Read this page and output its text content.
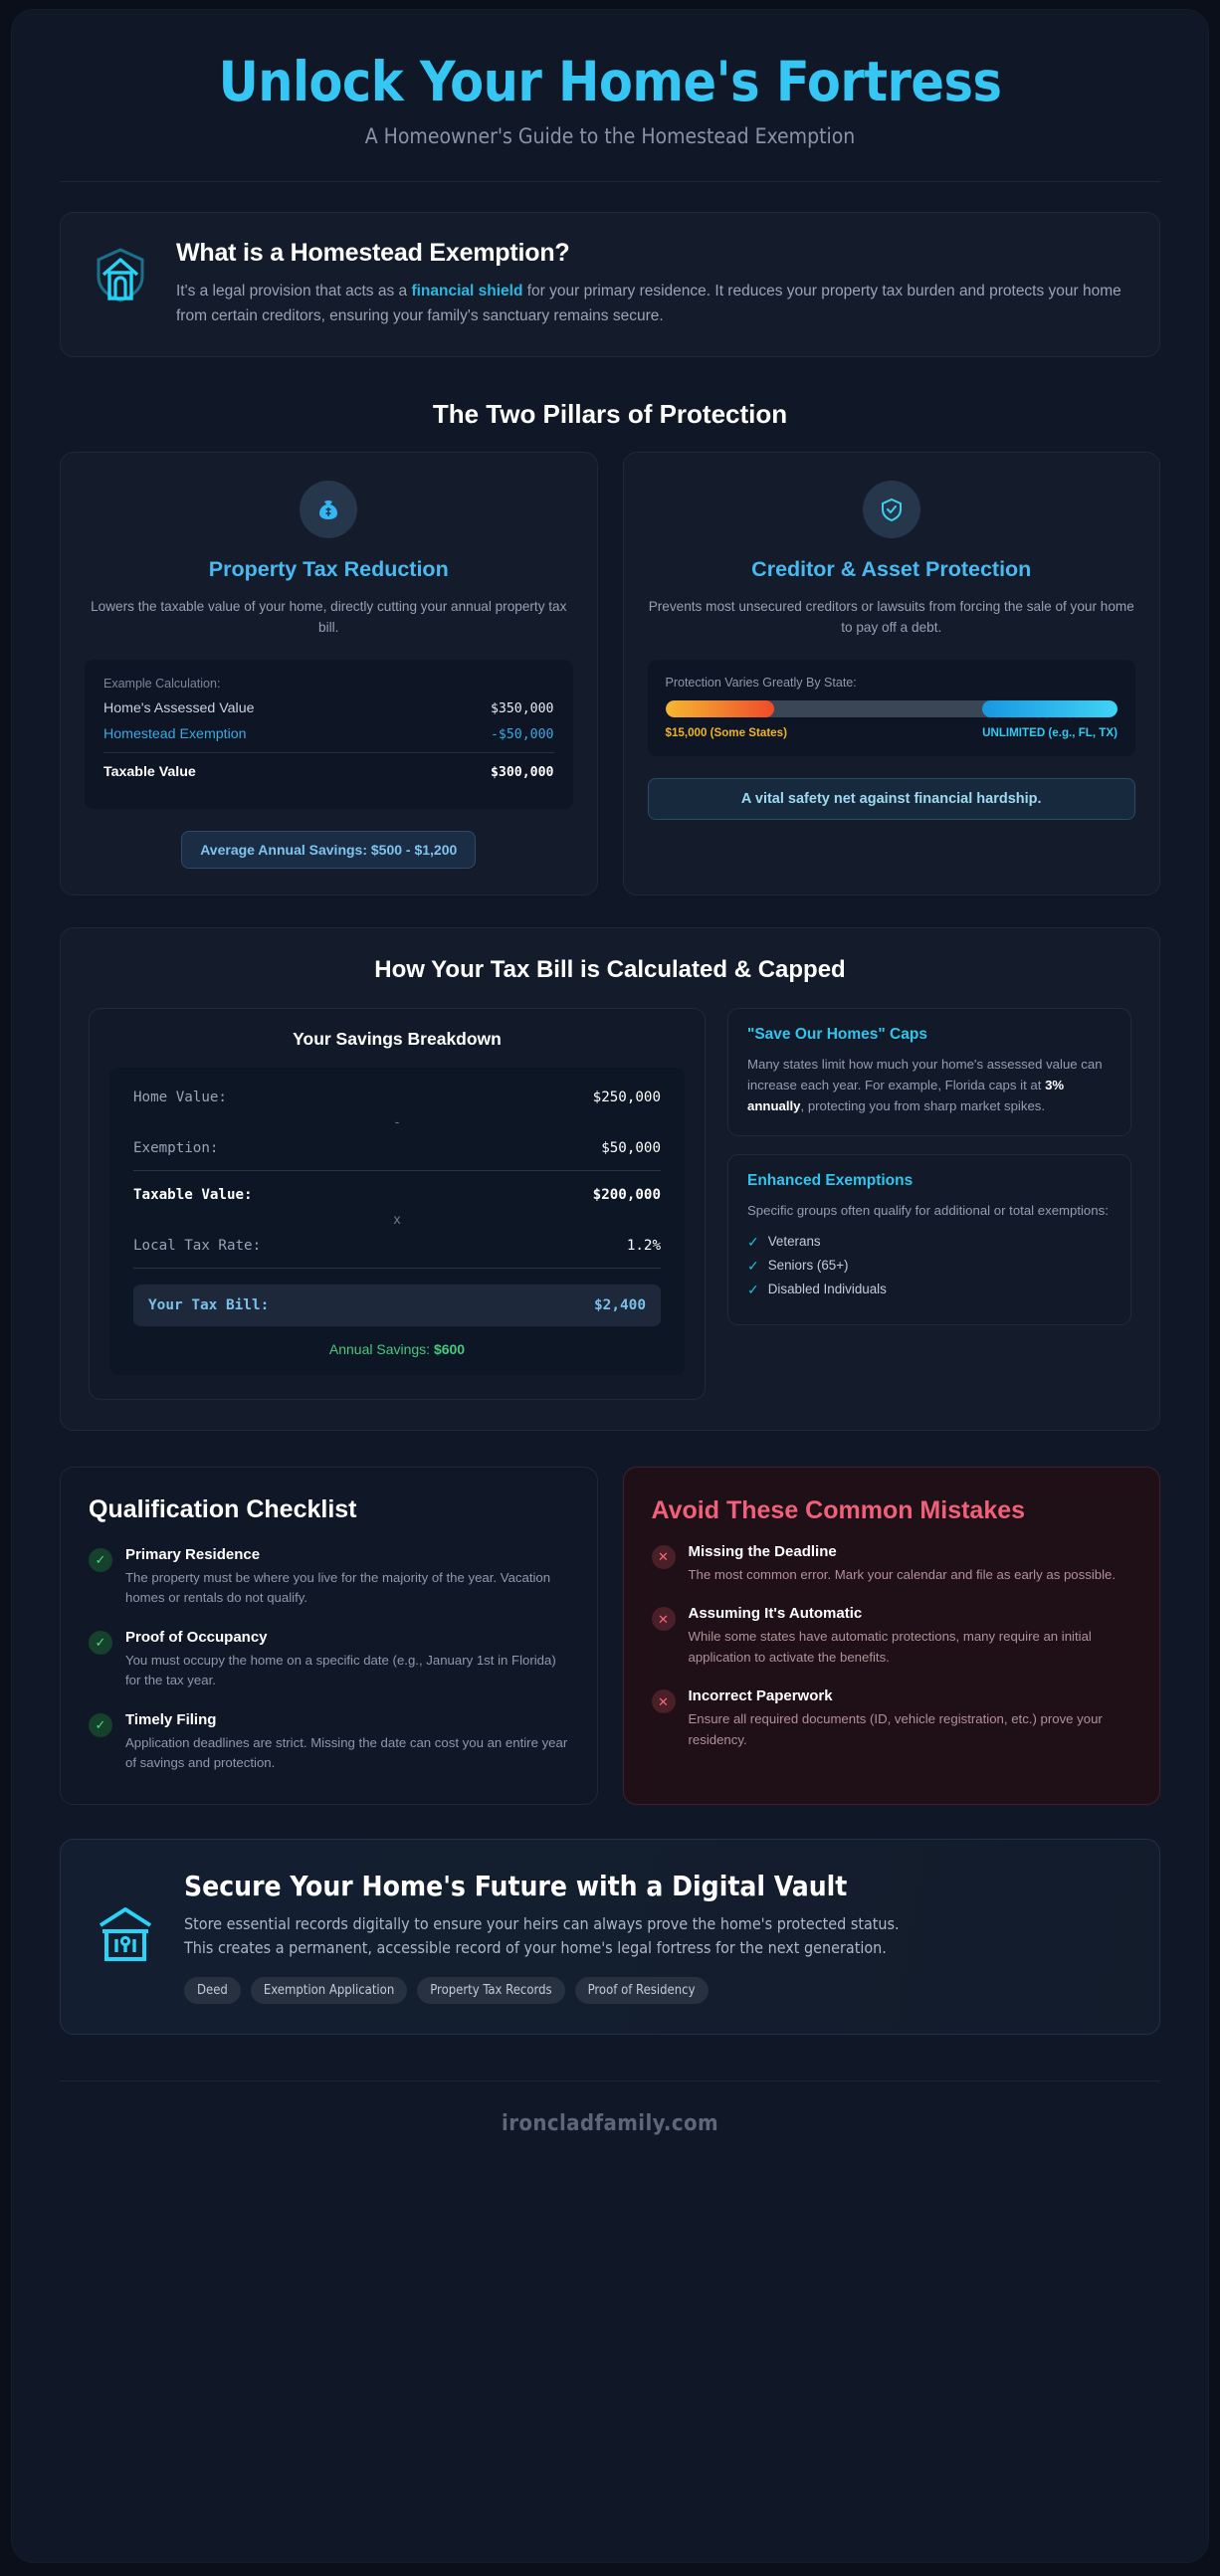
Unlock Your Home's Fortress
A Homeowner's Guide to the Homestead Exemption
What is a Homestead Exemption?

It's a legal provision that acts as a financial shield for your primary residence. It reduces your property tax burden and protects your home from certain creditors, ensuring your family's sanctuary remains secure.

The Two Pillars of Protection
Property Tax Reduction
Lowers the taxable value of your home, directly cutting your annual property tax bill.
Example Calculation:
Home's Assessed Value	$350,000
Homestead Exemption	-$50,000
Taxable Value	$300,000
Average Annual Savings: $500 - $1,200
Creditor & Asset Protection
Prevents most unsecured creditors or lawsuits from forcing the sale of your home to pay off a debt.
Protection Varies Greatly By State:
$15,000 (Some States)	UNLIMITED (e.g., FL, TX)
A vital safety net against financial hardship.
How Your Tax Bill is Calculated & Capped
Your Savings Breakdown
Home Value:	$250,000
-
Exemption:	$50,000
Taxable Value:	$200,000
x
Local Tax Rate:	1.2%
Your Tax Bill:	$2,400
Annual Savings: $600
"Save Our Homes" Caps

Many states limit how much your home's assessed value can increase each year. For example, Florida caps it at 3% annually, protecting you from sharp market spikes.

Enhanced Exemptions

Specific groups often qualify for additional or total exemptions:

✓ Veterans
✓ Seniors (65+)
✓ Disabled Individuals
Qualification Checklist
✓	Primary Residence
The property must be where you live for the majority of the year. Vacation homes or rentals do not qualify.
✓	Proof of Occupancy
You must occupy the home on a specific date (e.g., January 1st in Florida) for the tax year.
✓	Timely Filing
Application deadlines are strict. Missing the date can cost you an entire year of savings and protection.
Avoid These Common Mistakes
✕	Missing the Deadline
The most common error. Mark your calendar and file as early as possible.
✕	Assuming It's Automatic
While some states have automatic protections, many require an initial application to activate the benefits.
✕	Incorrect Paperwork
Ensure all required documents (ID, vehicle registration, etc.) prove your residency.
Secure Your Home's Future with a Digital Vault

Store essential records digitally to ensure your heirs can always prove the home's protected status.

This creates a permanent, accessible record of your home's legal fortress for the next generation.

Deed	Exemption Application	Property Tax Records	Proof of Residency
ironcladfamily.com
